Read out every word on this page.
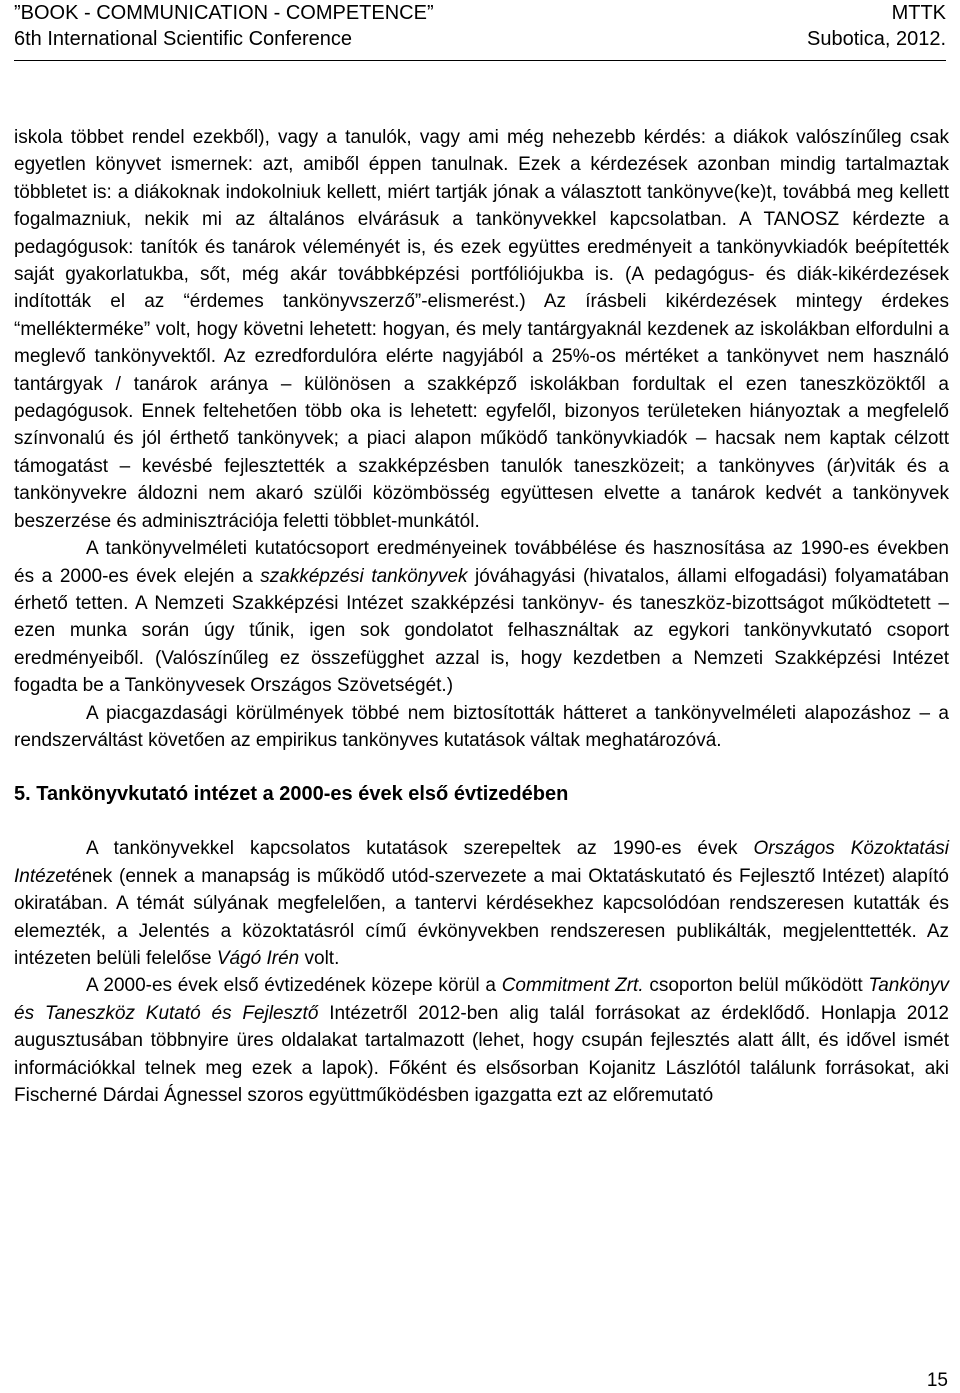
”BOOK - COMMUNICATION - COMPETENCE”	MTTK
6th International Scientific Conference	Subotica, 2012.

iskola többet rendel ezekből), vagy a tanulók, vagy ami még nehezebb kérdés: a diákok valószínűleg csak egyetlen könyvet ismernek: azt, amiből éppen tanulnak. Ezek a kérdezések azonban mindig tartalmaztak többletet is: a diákoknak indokolniuk kellett, miért tartják jónak a választott tankönyve(ke)t, továbbá meg kellett fogalmazniuk, nekik mi az általános elvárásuk a tankönyvekkel kapcsolatban. A TANOSZ kérdezte a pedagógusok: tanítók és tanárok véleményét is, és ezek együttes eredményeit a tankönyvkiadók beépítették saját gyakorlatukba, sőt, még akár továbbképzési portfóliójukba is. (A pedagógus- és diák-kikérdezések indították el az “érdemes tankönyvszerző”-elismerést.) Az írásbeli kikérdezések mintegy érdekes “mellékterméke” volt, hogy követni lehetett: hogyan, és mely tantárgyaknál kezdenek az iskolákban elfordulni a meglevő tankönyvektől. Az ezredfordulóra elérte nagyjából a 25%-os mértéket a tankönyvet nem használó tantárgyak / tanárok aránya – különösen a szakképző iskolákban fordultak el ezen taneszközöktől a pedagógusok. Ennek feltehetően több oka is lehetett: egyfelől, bizonyos területeken hiányoztak a megfelelő színvonalú és jól érthető tankönyvek; a piaci alapon működő tankönyvkiadók – hacsak nem kaptak célzott támogatást – kevésbé fejlesztették a szakképzésben tanulók taneszközeit; a tankönyves (ár)viták és a tankönyvekre áldozni nem akaró szülői közömbösség együttesen elvette a tanárok kedvét a tankönyvek beszerzése és adminisztrációja feletti többlet-munkától.

A tankönyvelméleti kutatócsoport eredményeinek továbbélése és hasznosítása az 1990-es években és a 2000-es évek elején a szakképzési tankönyvek jóváhagyási (hivatalos, állami elfogadási) folyamatában érhető tetten. A Nemzeti Szakképzési Intézet szakképzési tankönyv- és taneszköz-bizottságot működtetett – ezen munka során úgy tűnik, igen sok gondolatot felhasználtak az egykori tankönyvkutató csoport eredményeiből. (Valószínűleg ez összefügghet azzal is, hogy kezdetben a Nemzeti Szakképzési Intézet fogadta be a Tankönyvesek Országos Szövetségét.)

A piacgazdasági körülmények többé nem biztosították hátteret a tankönyvelméleti alapozáshoz – a rendszerváltást követően az empirikus tankönyves kutatások váltak meghatározóvá.

5. Tankönyvkutató intézet a 2000-es évek első évtizedében

A tankönyvekkel kapcsolatos kutatások szerepeltek az 1990-es évek Országos Közoktatási Intézetének (ennek a manapság is működő utód-szervezete a mai Oktatáskutató és Fejlesztő Intézet) alapító okiratában. A témát súlyának megfelelően, a tantervi kérdésekhez kapcsolódóan rendszeresen kutatták és elemezték, a Jelentés a közoktatásról című évkönyvekben rendszeresen publikálták, megjelenttették. Az intézeten belüli felelőse Vágó Irén volt.

A 2000-es évek első évtizedének közepe körül a Commitment Zrt. csoporton belül működött Tankönyv és Taneszköz Kutató és Fejlesztő Intézetről 2012-ben alig talál forrásokat az érdeklődő. Honlapja 2012 augusztusában többnyire üres oldalakat tartalmazott (lehet, hogy csupán fejlesztés alatt állt, és idővel ismét információkkal telnek meg ezek a lapok). Főként és elsősorban Kojanitz Lászlótól találunk forrásokat, aki Fischerné Dárdai Ágnessel szoros együttműködésben igazgatta ezt az előremutató

15
